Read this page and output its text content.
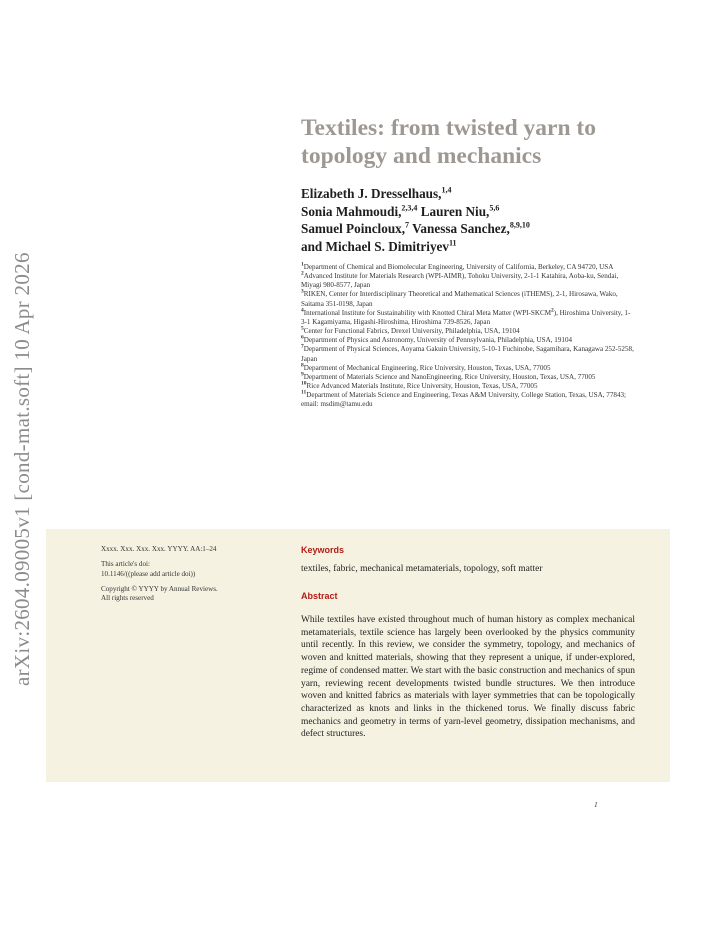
arXiv:2604.09005v1 [cond-mat.soft] 10 Apr 2026
Textiles: from twisted yarn to topology and mechanics
Elizabeth J. Dresselhaus,$^{1,4}$
Sonia Mahmoudi,$^{2,3,4}$ Lauren Niu,$^{5,6}$
Samuel Poincloux,$^7$ Vanessa Sanchez,$^{8,9,10}$
and Michael S. Dimitriyev$^{11}$

$^1$Department of Chemical and Biomolecular Engineering, University of California, Berkeley, CA 94720, USA

$^2$Advanced Institute for Materials Research (WPI-AIMR), Tohoku University, 2-1-1 Katahira, Aoba-ku, Sendai, Miyagi 980-8577, Japan

$^3$RIKEN, Center for Interdisciplinary Theoretical and Mathematical Sciences (iTHEMS), 2-1, Hirosawa, Wako, Saitama 351-0198, Japan

$^4$International Institute for Sustainability with Knotted Chiral Meta Matter (WPI-SKCM$^2$), Hiroshima University, 1-3-1 Kagamiyama, Higashi-Hiroshima, Hiroshima 739-8526, Japan

$^5$Center for Functional Fabrics, Drexel University, Philadelphia, USA, 19104

$^6$Department of Physics and Astronomy, University of Pennsylvania, Philadelphia, USA, 19104

$^7$Department of Physical Sciences, Aoyama Gakuin University, 5-10-1 Fuchinobe, Sagamihara, Kanagawa 252-5258, Japan

$^8$Department of Mechanical Engineering, Rice University, Houston, Texas, USA, 77005

$^9$Department of Materials Science and NanoEngineering, Rice University, Houston, Texas, USA, 77005

$^{10}$Rice Advanced Materials Institute, Rice University, Houston, Texas, USA, 77005

$^{11}$Department of Materials Science and Engineering, Texas A&M University, College Station, Texas, USA, 77843; email: msdim@tamu.edu

Xxxx. Xxx. Xxx. Xxx. YYYY. AA:1–24
This article's doi:
10.1146/((please add article doi))
Copyright © YYYY by Annual Reviews.
All rights reserved
Keywords
textiles, fabric, mechanical metamaterials, topology, soft matter
Abstract

While textiles have existed throughout much of human history as complex mechanical metamaterials, textile science has largely been overlooked by the physics community until recently. In this review, we consider the symmetry, topology, and mechanics of woven and knitted materials, showing that they represent a unique, if under-explored, regime of condensed matter. We start with the basic construction and mechanics of spun yarn, reviewing recent developments twisted bundle structures. We then introduce woven and knitted fabrics as materials with layer symmetries that can be topologically characterized as knots and links in the thickened torus. We finally discuss fabric mechanics and geometry in terms of yarn-level geometry, dissipation mechanisms, and defect structures.

1
